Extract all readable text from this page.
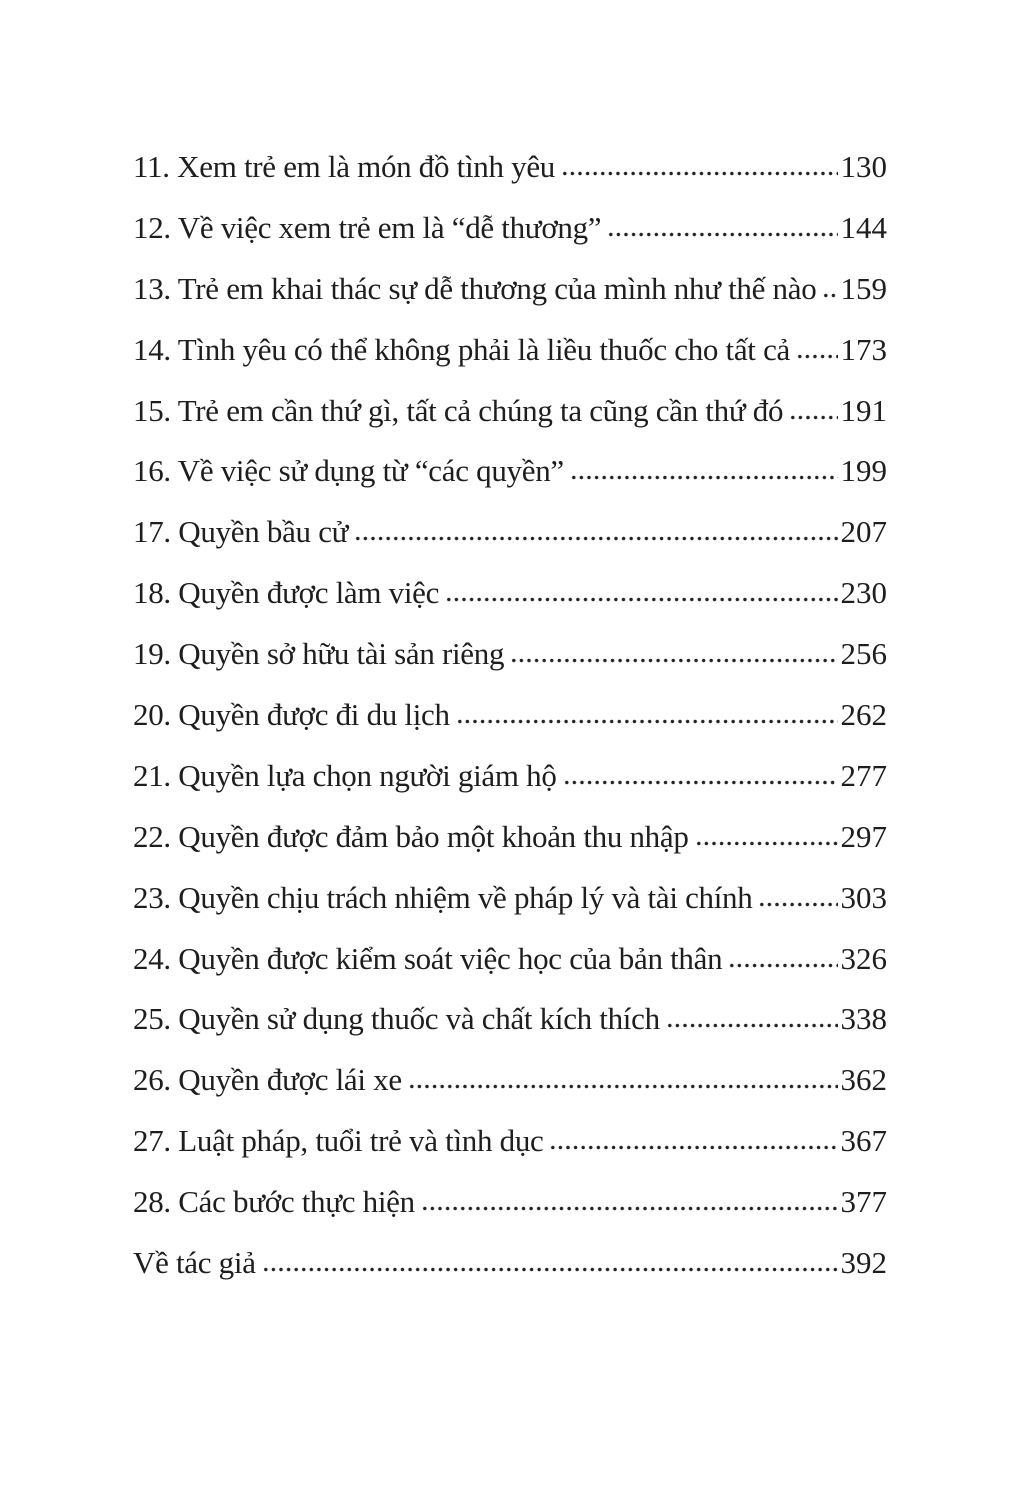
11. Xem trẻ em là món đồ tình yêu	130
12. Về việc xem trẻ em là “dễ thương”	144
13. Trẻ em khai thác sự dễ thương của mình như thế nào 159
14. Tình yêu có thể không phải là liều thuốc cho tất cả 173
15. Trẻ em cần thứ gì, tất cả chúng ta cũng cần thứ đó 191
16. Về việc sử dụng từ “các quyền”	199
17. Quyền bầu cử	207
18. Quyền được làm việc	230
19. Quyền sở hữu tài sản riêng	256
20. Quyền được đi du lịch	262
21. Quyền lựa chọn người giám hộ	277
22. Quyền được đảm bảo một khoản thu nhập	297
23. Quyền chịu trách nhiệm về pháp lý và tài chính	303
24. Quyền được kiểm soát việc học của bản thân	326
25. Quyền sử dụng thuốc và chất kích thích	338
26. Quyền được lái xe	362
27. Luật pháp, tuổi trẻ và tình dục	367
28. Các bước thực hiện	377
Về tác giả	392
